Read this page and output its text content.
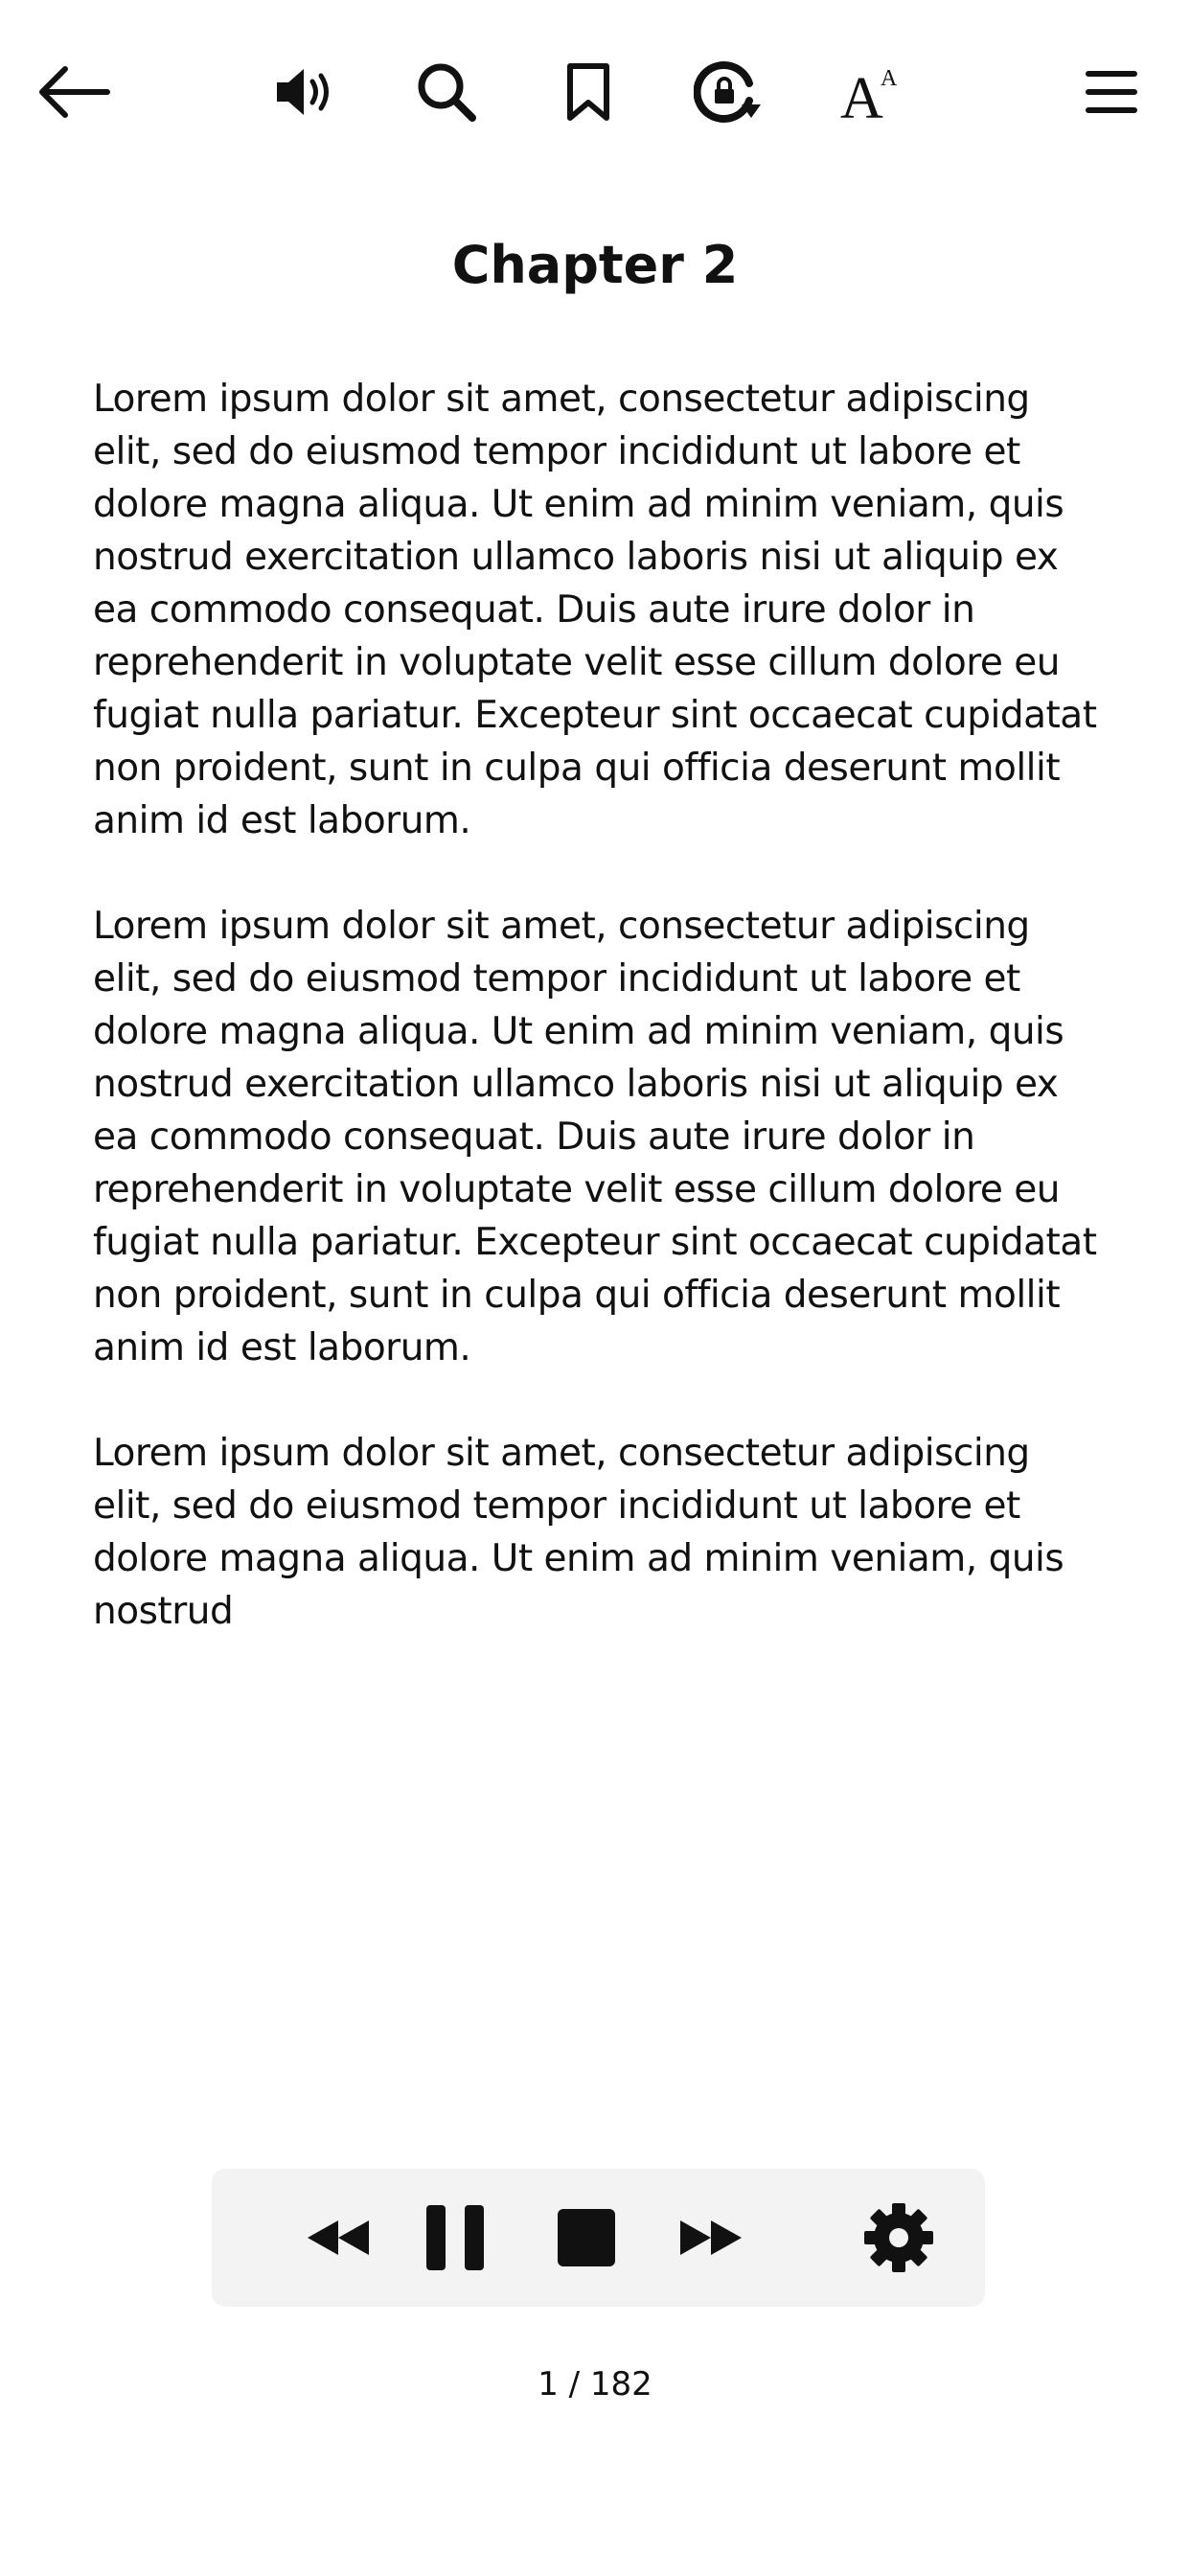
A
A
Chapter 2

Lorem ipsum dolor sit amet, consectetur adipiscing elit, sed do eiusmod tempor incididunt ut labore et dolore magna aliqua. Ut enim ad minim veniam, quis nostrud exercitation ullamco laboris nisi ut aliquip ex ea commodo consequat. Duis aute irure dolor in reprehenderit in voluptate velit esse cillum dolore eu fugiat nulla pariatur. Excepteur sint occaecat cupidatat non proident, sunt in culpa qui officia deserunt mollit anim id est laborum.

Lorem ipsum dolor sit amet, consectetur adipiscing elit, sed do eiusmod tempor incididunt ut labore et dolore magna aliqua. Ut enim ad minim veniam, quis nostrud exercitation ullamco laboris nisi ut aliquip ex ea commodo consequat. Duis aute irure dolor in reprehenderit in voluptate velit esse cillum dolore eu fugiat nulla pariatur. Excepteur sint occaecat cupidatat non proident, sunt in culpa qui officia deserunt mollit anim id est laborum.

Lorem ipsum dolor sit amet, consectetur adipiscing elit, sed do eiusmod tempor incididunt ut labore et dolore magna aliqua. Ut enim ad minim veniam, quis nostrud

1 / 182
